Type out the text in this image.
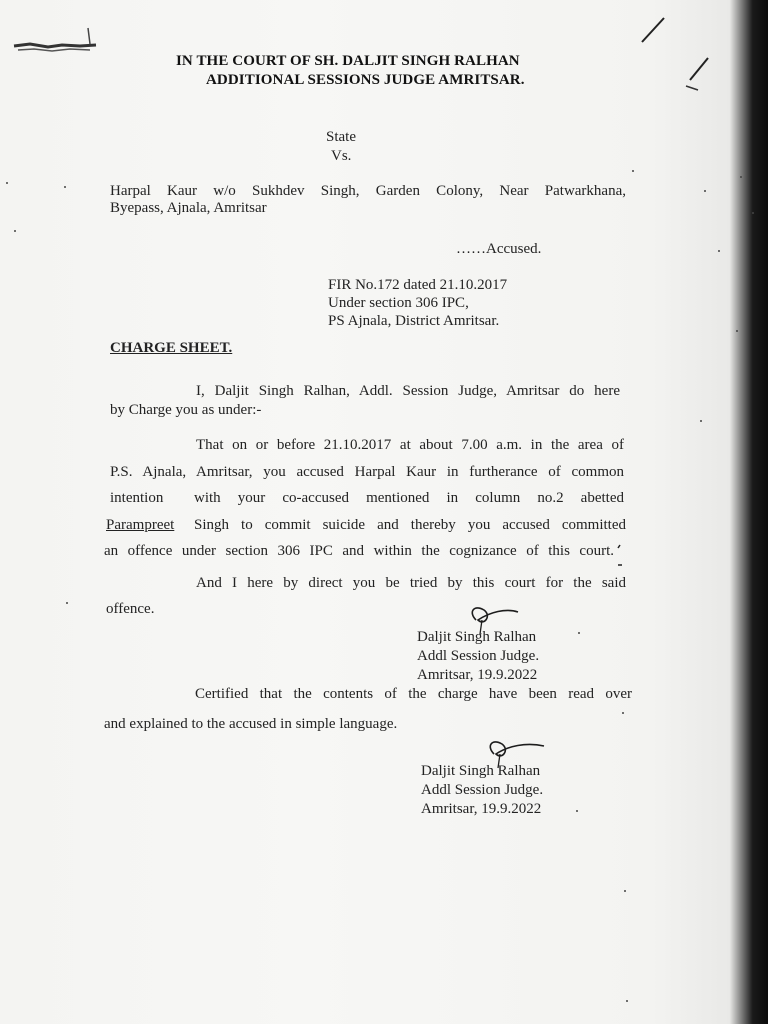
IN THE COURT OF SH. DALJIT SINGH RALHAN
ADDITIONAL SESSIONS JUDGE AMRITSAR.
State
Vs.
Harpal Kaur w/o Sukhdev Singh, Garden Colony, Near Patwarkhana,
Byepass, Ajnala, Amritsar
……Accused.
FIR No.172 dated 21.10.2017
Under section 306 IPC,
PS Ajnala, District Amritsar.
CHARGE SHEET.
I, Daljit Singh Ralhan, Addl. Session Judge, Amritsar do here
by Charge you as under:-
That on or before 21.10.2017 at about 7.00 a.m. in the area of
P.S. Ajnala, Amritsar, you accused Harpal Kaur in furtherance of common
intention with your co-accused mentioned in column no.2 abetted
Parampreet Singh to commit suicide and thereby you accused committed
an offence under section 306 IPC and within the cognizance of this court.
And I here by direct you be tried by this court for the said
offence.
Daljit Singh Ralhan
Addl Session Judge.
Amritsar, 19.9.2022
Certified that the contents of the charge have been read over
and explained to the accused in simple language.
Daljit Singh Ralhan
Addl Session Judge.
Amritsar, 19.9.2022
